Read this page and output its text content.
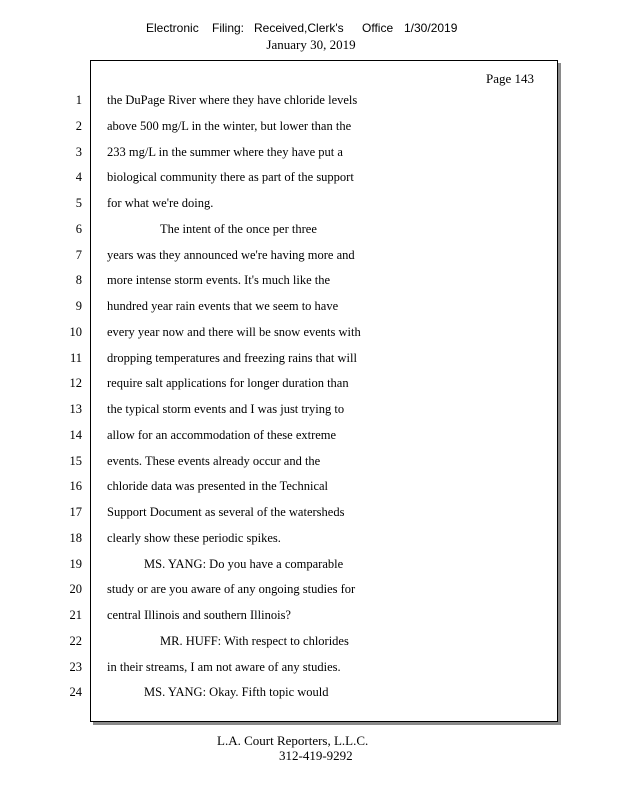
Electronic Filing: Received,Clerk's Office 1/30/2019
January 30, 2019
Page 143
1 the DuPage River where they have chloride levels
2 above 500 mg/L in the winter, but lower than the
3 233 mg/L in the summer where they have put a
4 biological community there as part of the support
5 for what we're doing.
6	The intent of the once per three
7 years was they announced we're having more and
8 more intense storm events. It's much like the
9 hundred year rain events that we seem to have
10 every year now and there will be snow events with
11 dropping temperatures and freezing rains that will
12 require salt applications for longer duration than
13 the typical storm events and I was just trying to
14 allow for an accommodation of these extreme
15 events. These events already occur and the
16 chloride data was presented in the Technical
17 Support Document as several of the watersheds
18 clearly show these periodic spikes.
19	MS. YANG: Do you have a comparable
20 study or are you aware of any ongoing studies for
21 central Illinois and southern Illinois?
22	MR. HUFF: With respect to chlorides
23 in their streams, I am not aware of any studies.
24	MS. YANG: Okay. Fifth topic would
L.A. Court Reporters, L.L.C.
312-419-9292
